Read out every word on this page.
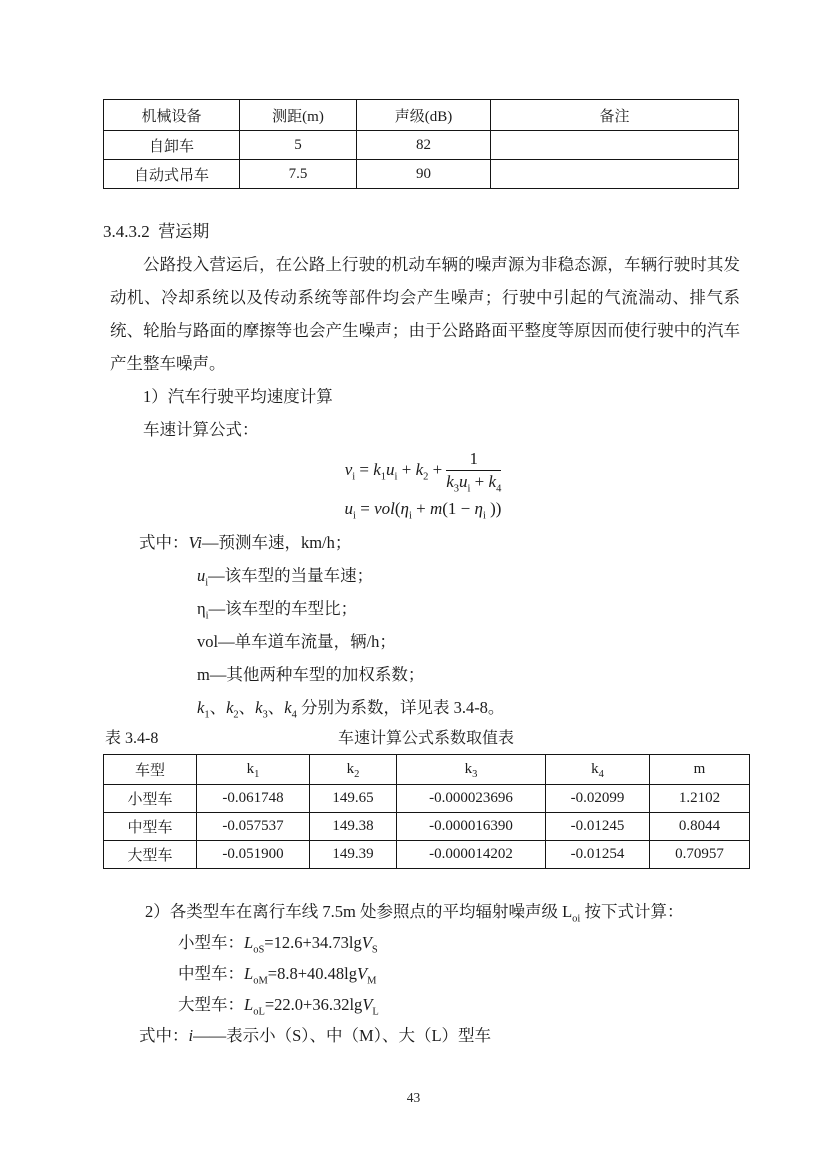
机械设备	测距(m)	声级(dB)	备注
自卸车	5	82	
自动式吊车	7.5	90	
3.4.3.2  营运期
公路投入营运后，在公路上行驶的机动车辆的噪声源为非稳态源，车辆行驶时其发动机、冷却系统以及传动系统等部件均会产生噪声；行驶中引起的气流湍动、排气系统、轮胎与路面的摩擦等也会产生噪声；由于公路路面平整度等原因而使行驶中的汽车产生整车噪声。
1）汽车行驶平均速度计算
车速计算公式：
$v_i = k_1u_i + k_2 + \frac{1}{k_3u_i + k_4}$
$u_i = vol(\eta_i + m(1 - \eta_i$ ))
式中：Vi—预测车速，km/h；
$u_i—$该车型的当量车速；
$\eta_i—$该车型的车型比；
vol—单车道车流量，辆/h；
m—其他两种车型的加权系数；
$k_1$、$k_2$、$k_3$、$k_4$ 分别为系数，详见表 3.4-8。
表 3.4-8	车速计算公式系数取值表
车型	$k_1$	$k_2$	$k_3$	$k_4$	m
小型车	-0.061748	149.65	-0.000023696	-0.02099	1.2102
中型车	-0.057537	149.38	-0.000016390	-0.01245	0.8044
大型车	-0.051900	149.39	-0.000014202	-0.01254	0.70957
2）各类型车在离行车线 7.5m 处参照点的平均辐射噪声级 $L_{oi}$ 按下式计算：
小型车：$L_{oS}=12.6+34.73\lg V_S$
中型车：$L_{oM}=8.8+40.48\lg V_M$
大型车：$L_{oL}=22.0+36.32\lg V_L$
式中：i——表示小（S）、中（M）、大（L）型车
43
